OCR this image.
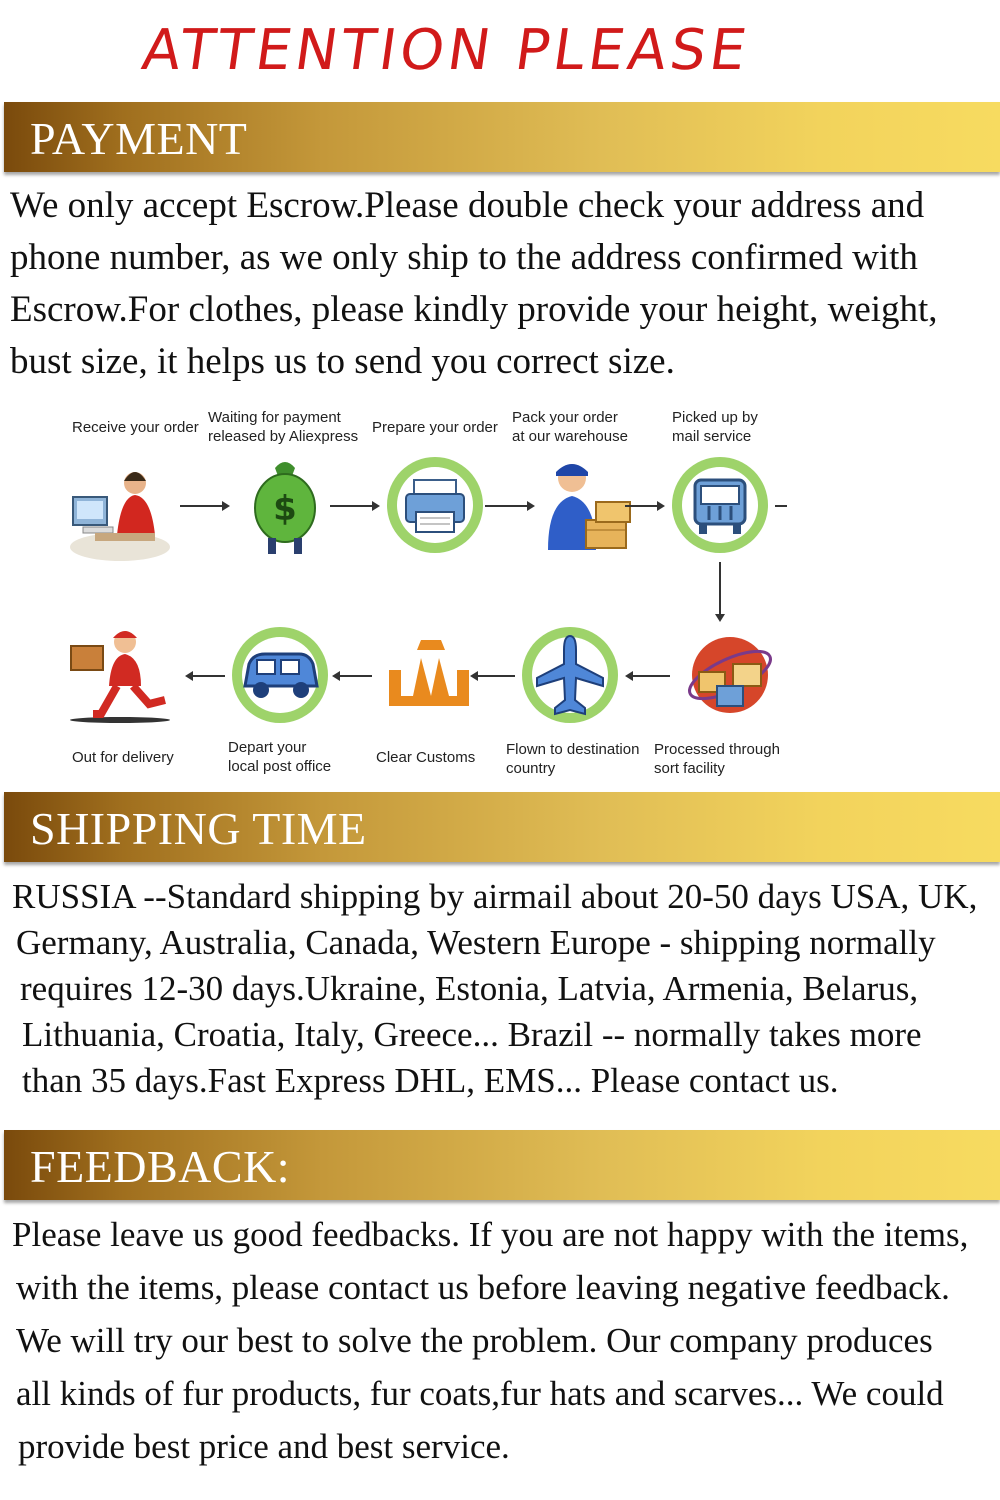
ATTENTION PLEASE
PAYMENT
We only accept Escrow.Please double check your address and
phone number, as we only ship to the address confirmed with
Escrow.For clothes, please kindly provide your height, weight,
bust size, it helps us to send you correct size.
Receive your order
Waiting for payment
released by Aliexpress
Prepare your order
Pack your order
at our warehouse
Picked up by
mail service
$
Out for delivery
Depart your
local post office
Clear Customs Flown to destination
country
Processed through
sort facility
SHIPPING TIME
RUSSIA --Standard shipping by airmail about 20-50 days USA, UK,
Germany, Australia, Canada, Western Europe - shipping normally
requires 12-30 days.Ukraine, Estonia, Latvia, Armenia, Belarus,
Lithuania, Croatia, Italy, Greece... Brazil -- normally takes more
than 35 days.Fast Express DHL, EMS... Please contact us.
FEEDBACK:
Please leave us good feedbacks. If you are not happy with the items,
with the items, please contact us before leaving negative feedback.
We will try our best to solve the problem. Our company produces
all kinds of fur products, fur coats,fur hats and scarves... We could
provide best price and best service.
